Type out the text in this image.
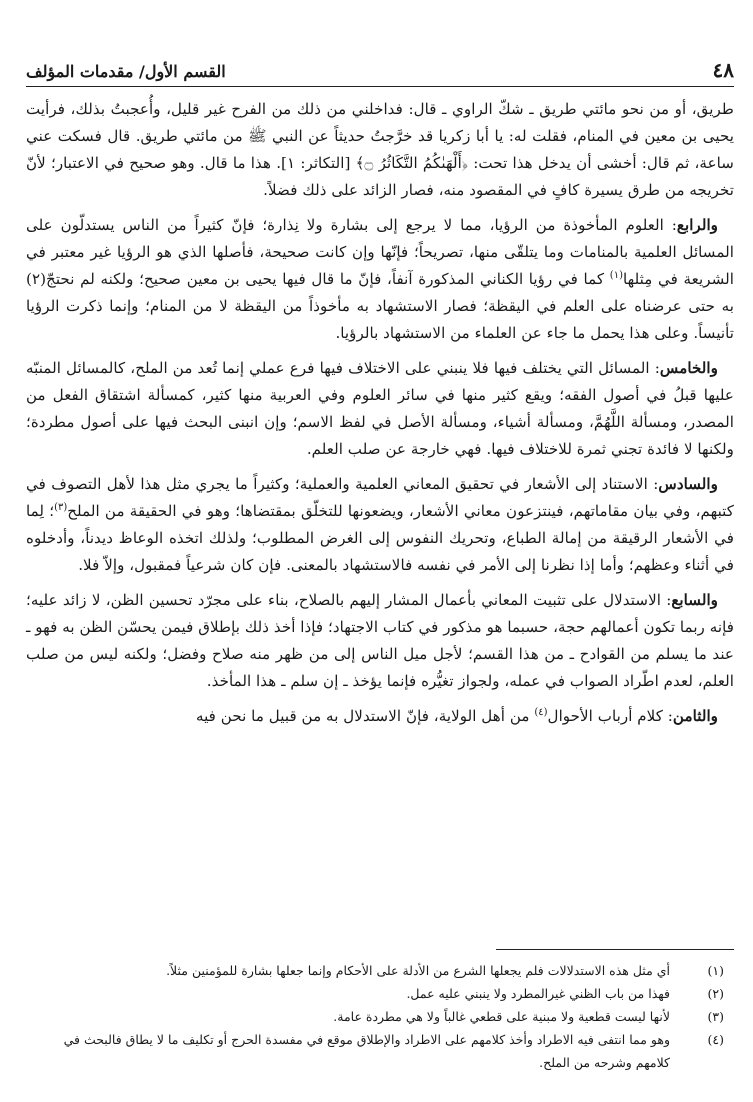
٤٨
القسم الأول/ مقدمات المؤلف

طريق، أو من نحو مائتي طريق ـ شكّ الراوي ـ قال: فداخلني من ذلك من الفرح غير قليل، وأُعجبتُ بذلك، فرأيت يحيى بن معين في المنام، فقلت له: يا أبا زكريا قد خرَّجتُ حديثاً عن النبي ﷺ من مائتي طريق. قال فسكت عني ساعة، ثم قال: أخشى أن يدخل هذا تحت: ﴿أَلْهَىٰكُمُ التَّكَاثُرُ ۝﴾ [التكاثر: ١]. هذا ما قال. وهو صحيح في الاعتبار؛ لأنّ تخريجه من طرق يسيرة كافٍ في المقصود منه، فصار الزائد على ذلك فضلاً.

والرابع: العلوم المأخوذة من الرؤيا، مما لا يرجع إلى بشارة ولا نِذارة؛ فإنّ كثيراً من الناس يستدلّون على المسائل العلمية بالمنامات وما يتلقّى منها، تصريحاً؛ فإنّها وإن كانت صحيحة، فأصلها الذي هو الرؤيا غير معتبر في الشريعة في مِثلها$^{(١)}$ كما في رؤيا الكناني المذكورة آنفاً، فإنّ ما قال فيها يحيى بن معين صحيح؛ ولكنه لم نحتجّ(٢) به حتى عرضناه على العلم في اليقظة؛ فصار الاستشهاد به مأخوذاً من اليقظة لا من المنام؛ وإنما ذكرت الرؤيا تأنيساً. وعلى هذا يحمل ما جاء عن العلماء من الاستشهاد بالرؤيا.

والخامس: المسائل التي يختلف فيها فلا ينبني على الاختلاف فيها فرع عملي إنما تُعد من الملح، كالمسائل المنبّه عليها قبلُ في أصول الفقه؛ ويقع كثير منها في سائر العلوم وفي العربية منها كثير، كمسألة اشتقاق الفعل من المصدر، ومسألة اللَّهُمَّ، ومسألة أشياء، ومسألة الأصل في لفظ الاسم؛ وإن انبنى البحث فيها على أصول مطردة؛ ولكنها لا فائدة تجني ثمرة للاختلاف فيها. فهي خارجة عن صلب العلم.

والسادس: الاستناد إلى الأشعار في تحقيق المعاني العلمية والعملية؛ وكثيراً ما يجري مثل هذا لأهل التصوف في كتبهم، وفي بيان مقاماتهم، فينتزعون معاني الأشعار، ويضعونها للتخلّق بمقتضاها؛ وهو في الحقيقة من الملح$^{(٣)}$؛ لِما في الأشعار الرقيقة من إمالة الطباع، وتحريك النفوس إلى الغرض المطلوب؛ ولذلك اتخذه الوعاظ ديدناً، وأدخلوه في أثناء وعظهم؛ وأما إذا نظرنا إلى الأمر في نفسه فالاستشهاد بالمعنى. فإن كان شرعياً فمقبول، وإلاّ فلا.

والسابع: الاستدلال على تثبيت المعاني بأعمال المشار إليهم بالصلاح، بناء على مجرّد تحسين الظن، لا زائد عليه؛ فإنه ربما تكون أعمالهم حجة، حسبما هو مذكور في كتاب الاجتهاد؛ فإذا أخذ ذلك بإطلاق فيمن يحسّن الظن به فهو ـ عند ما يسلم من القوادح ـ من هذا القسم؛ لأجل ميل الناس إلى من ظهر منه صلاح وفضل؛ ولكنه ليس من صلب العلم، لعدم اطّراد الصواب في عمله، ولجواز تغيُّره فإنما يؤخذ ـ إن سلم ـ هذا المأخذ.

والثامن: كلام أرباب الأحوال$^{(٤)}$ من أهل الولاية، فإنّ الاستدلال به من قبيل ما نحن فيه

(١)
أي مثل هذه الاستدلالات فلم يجعلها الشرع من الأدلة على الأحكام وإنما جعلها بشارة للمؤمنين مثلاً.

(٢)
فهذا من باب الظني غيرالمطرد ولا ينبني عليه عمل.

(٣)
لأنها ليست قطعية ولا مبنية على قطعي غالباً ولا هي مطردة عامة.

(٤)
وهو مما انتفى فيه الاطراد وأخذ كلامهم على الاطراد والإطلاق موقع في مفسدة الحرج أو تكليف ما لا يطاق فالبحث في كلامهم وشرحه من الملح.
